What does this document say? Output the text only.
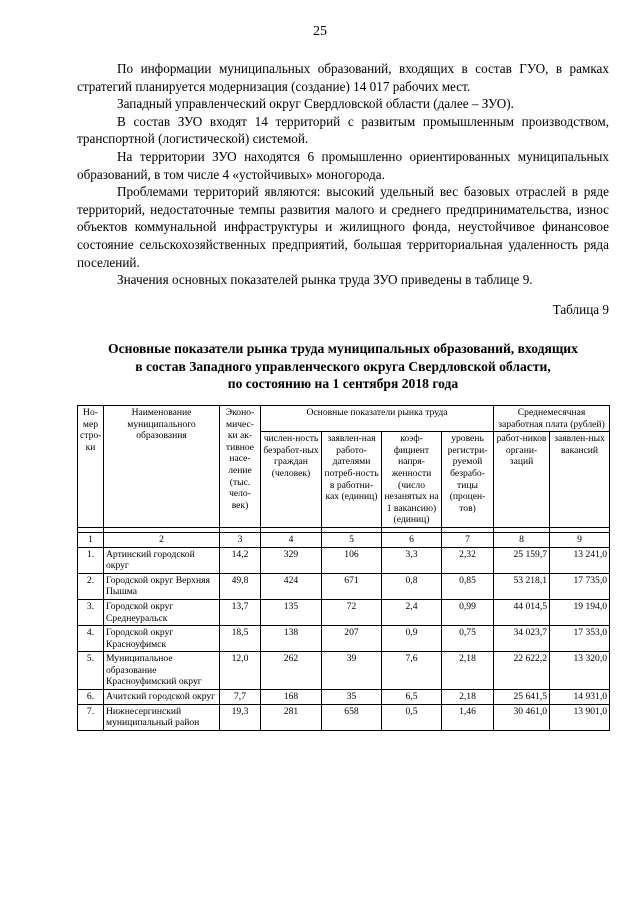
25

По информации муниципальных образований, входящих в состав ГУО, в рамках стратегий планируется модернизация (создание) 14 017 рабочих мест.

Западный управленческий округ Свердловской области (далее – ЗУО).

В состав ЗУО входят 14 территорий с развитым промышленным производством, транспортной (логистической) системой.

На территории ЗУО находятся 6 промышленно ориентированных муниципальных образований, в том числе 4 «устойчивых» моногорода.

Проблемами территорий являются: высокий удельный вес базовых отраслей в ряде территорий, недостаточные темпы развития малого и среднего предпринимательства, износ объектов коммунальной инфраструктуры и жилищного фонда, неустойчивое финансовое состояние сельскохозяйственных предприятий, большая территориальная удаленность ряда поселений.

Значения основных показателей рынка труда ЗУО приведены в таблице 9.

Таблица 9
Основные показатели рынка труда муниципальных образований, входящих
в состав Западного управленческого округа Свердловской области,
по состоянию на 1 сентября 2018 года
Но-мер стро-ки	Наименование муниципального образования	Эконо-мичес-ки ак-тивное насе-ление (тыс. чело-век)	Основные показатели рынка труда				Среднемесячная заработная плата (рублей)	
			числен-ность безработ-ных граждан (человек)	заявлен-ная работо-дателями потреб-ность в работни-ках (единиц)	коэф-фициент напря-женности (число незанятых на 1 вакансию) (единиц)	уровень регистри-руемой безрабо-тицы (процен-тов)	работ-ников органи-заций	заявлен-ных вакансий

1	2	3	4	5	6	7	8	9
1.	Артинский городской округ	14,2	329	106	3,3	2,32	25 159,7	13 241,0
2.	Городской округ Верхняя Пышма	49,8	424	671	0,8	0,85	53 218,1	17 735,0
3.	Городской округ Среднеуральск	13,7	135	72	2,4	0,99	44 014,5	19 194,0
4.	Городской округ Красноуфимск	18,5	138	207	0,9	0,75	34 023,7	17 353,0
5.	Муниципальное образование Красноуфимский округ	12,0	262	39	7,6	2,18	22 622,2	13 320,0
6.	Ачитский городской округ	7,7	168	35	6,5	2,18	25 641,5	14 931,0
7.	Нижнесергинский муниципальный район	19,3	281	658	0,5	1,46	30 461,0	13 901,0
